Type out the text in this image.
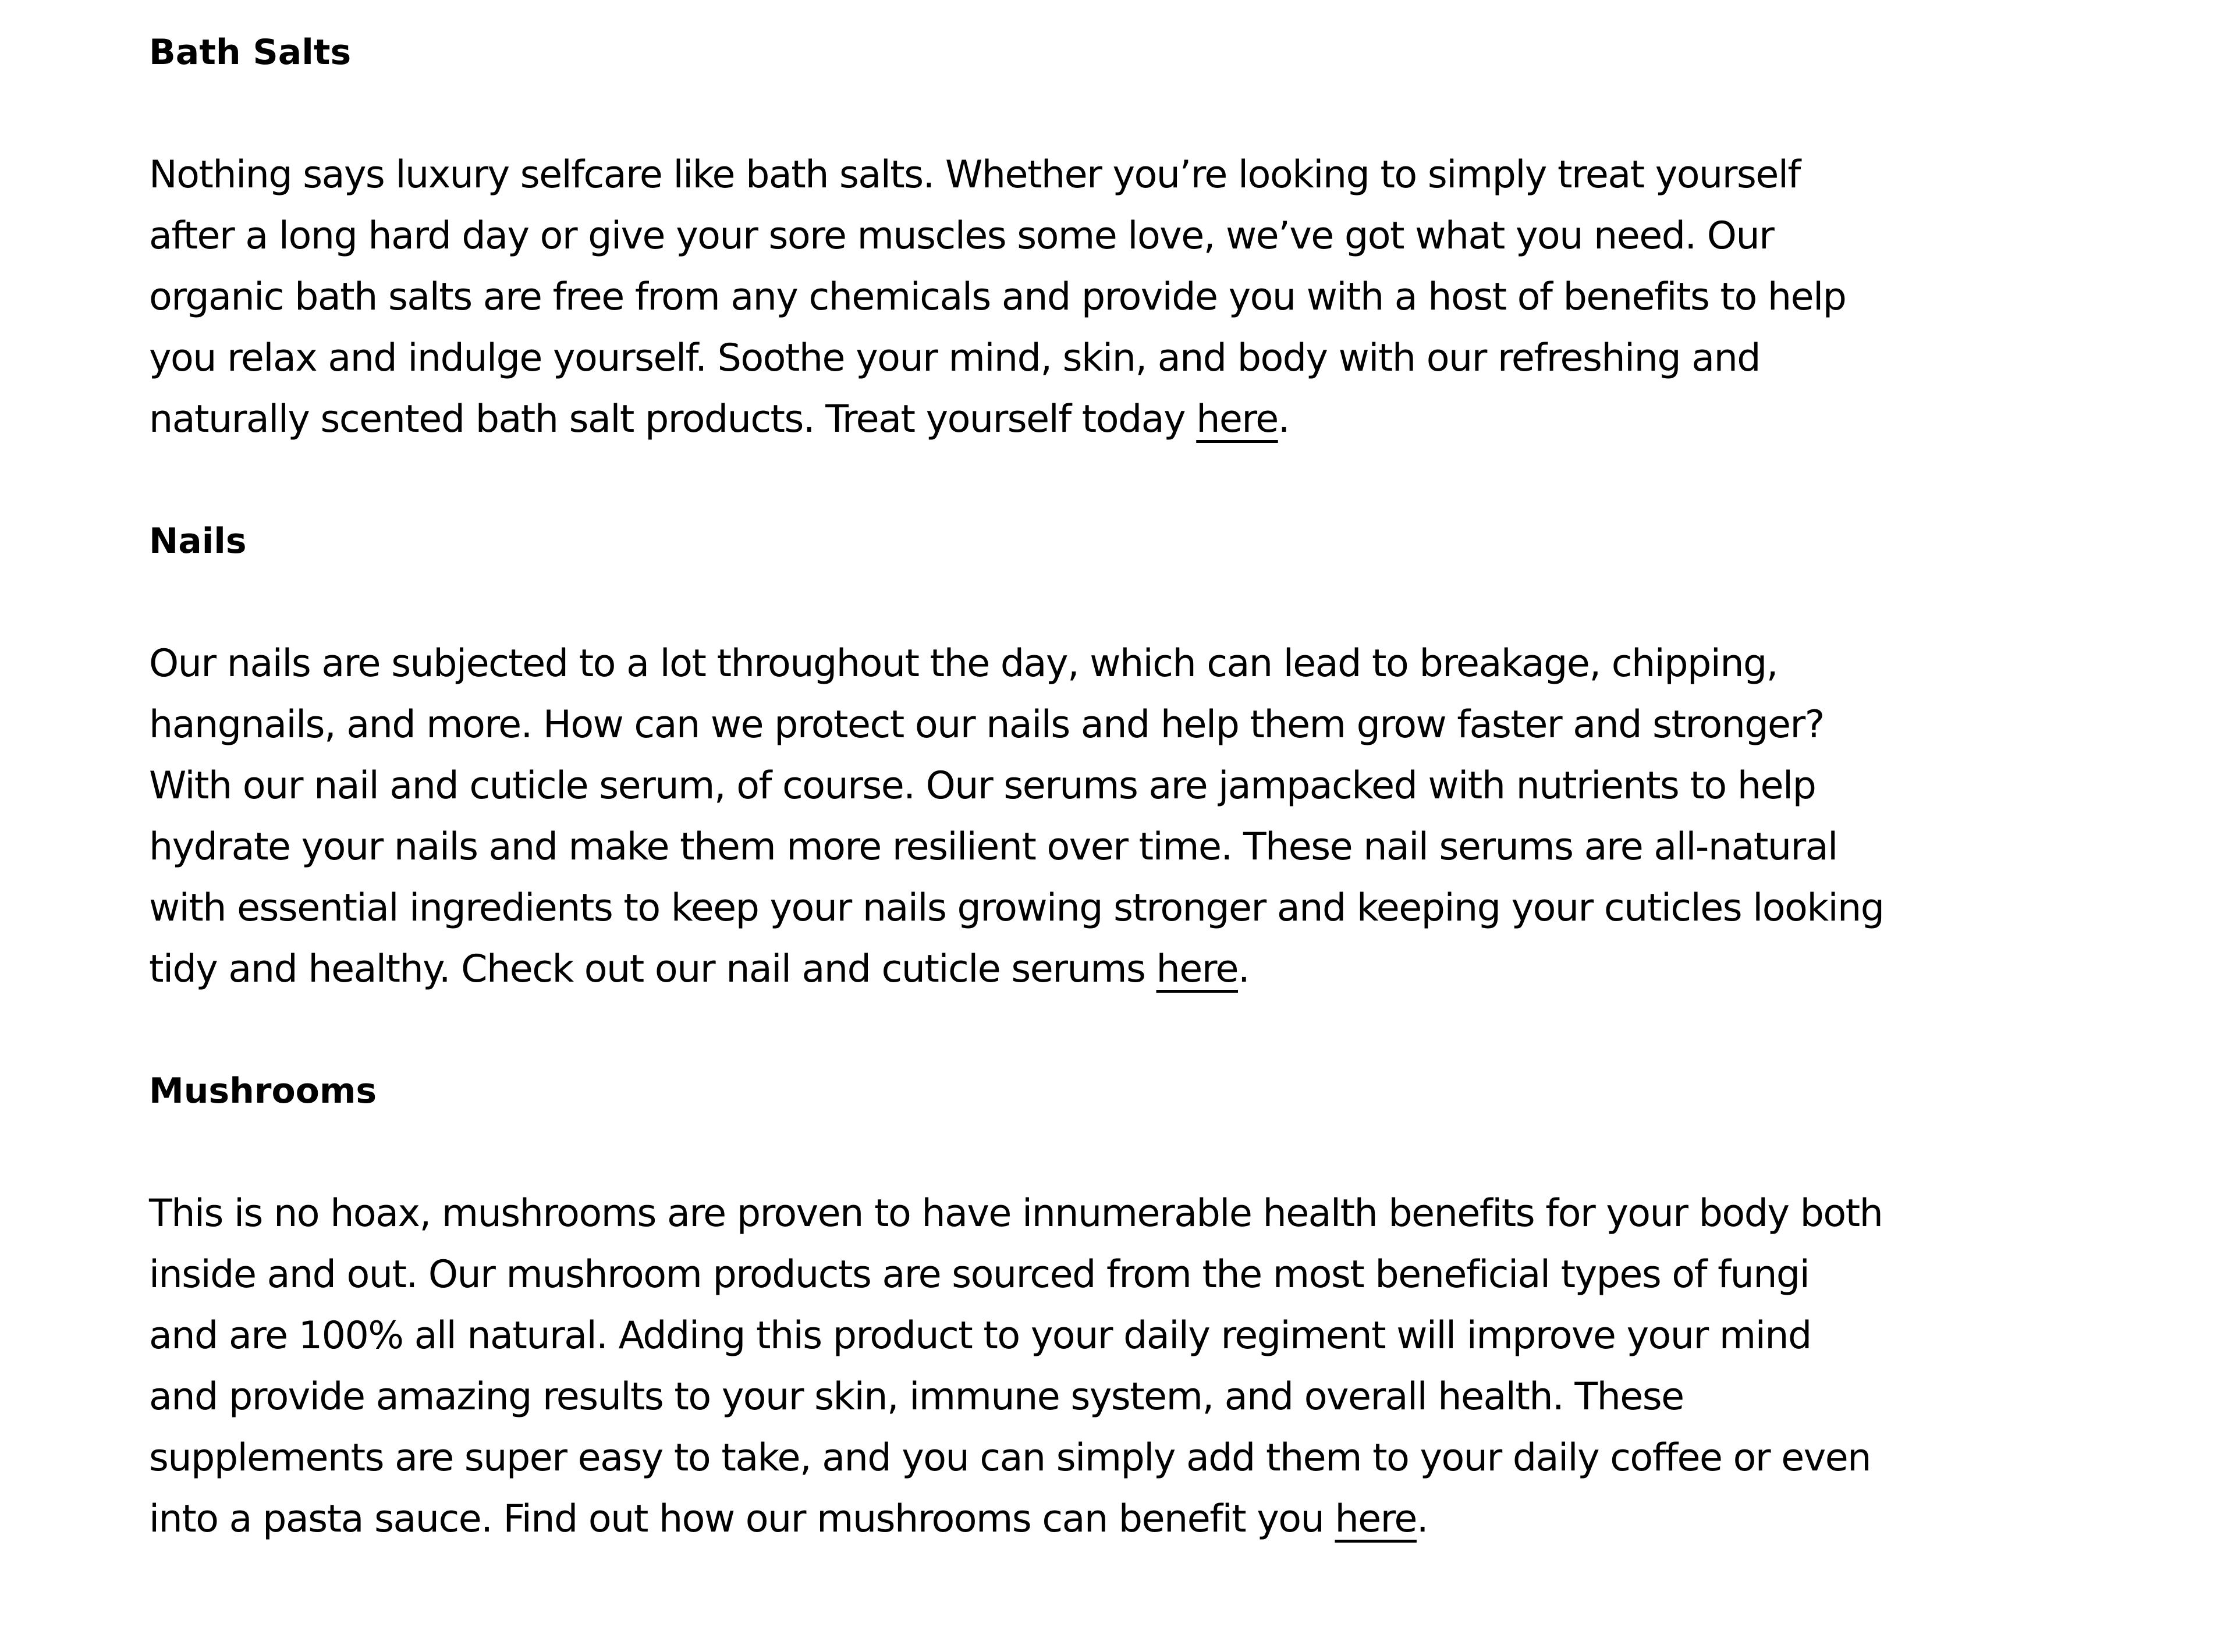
Bath Salts

Nothing says luxury selfcare like bath salts. Whether you’re looking to simply treat yourself
after a long hard day or give your sore muscles some love, we’ve got what you need. Our
organic bath salts are free from any chemicals and provide you with a host of benefits to help
you relax and indulge yourself. Soothe your mind, skin, and body with our refreshing and
naturally scented bath salt products. Treat yourself today here.

Nails

Our nails are subjected to a lot throughout the day, which can lead to breakage, chipping,
hangnails, and more. How can we protect our nails and help them grow faster and stronger?
With our nail and cuticle serum, of course. Our serums are jampacked with nutrients to help
hydrate your nails and make them more resilient over time. These nail serums are all-natural
with essential ingredients to keep your nails growing stronger and keeping your cuticles looking
tidy and healthy. Check out our nail and cuticle serums here.

Mushrooms

This is no hoax, mushrooms are proven to have innumerable health benefits for your body both
inside and out. Our mushroom products are sourced from the most beneficial types of fungi
and are 100% all natural. Adding this product to your daily regiment will improve your mind
and provide amazing results to your skin, immune system, and overall health. These
supplements are super easy to take, and you can simply add them to your daily coffee or even
into a pasta sauce. Find out how our mushrooms can benefit you here.
